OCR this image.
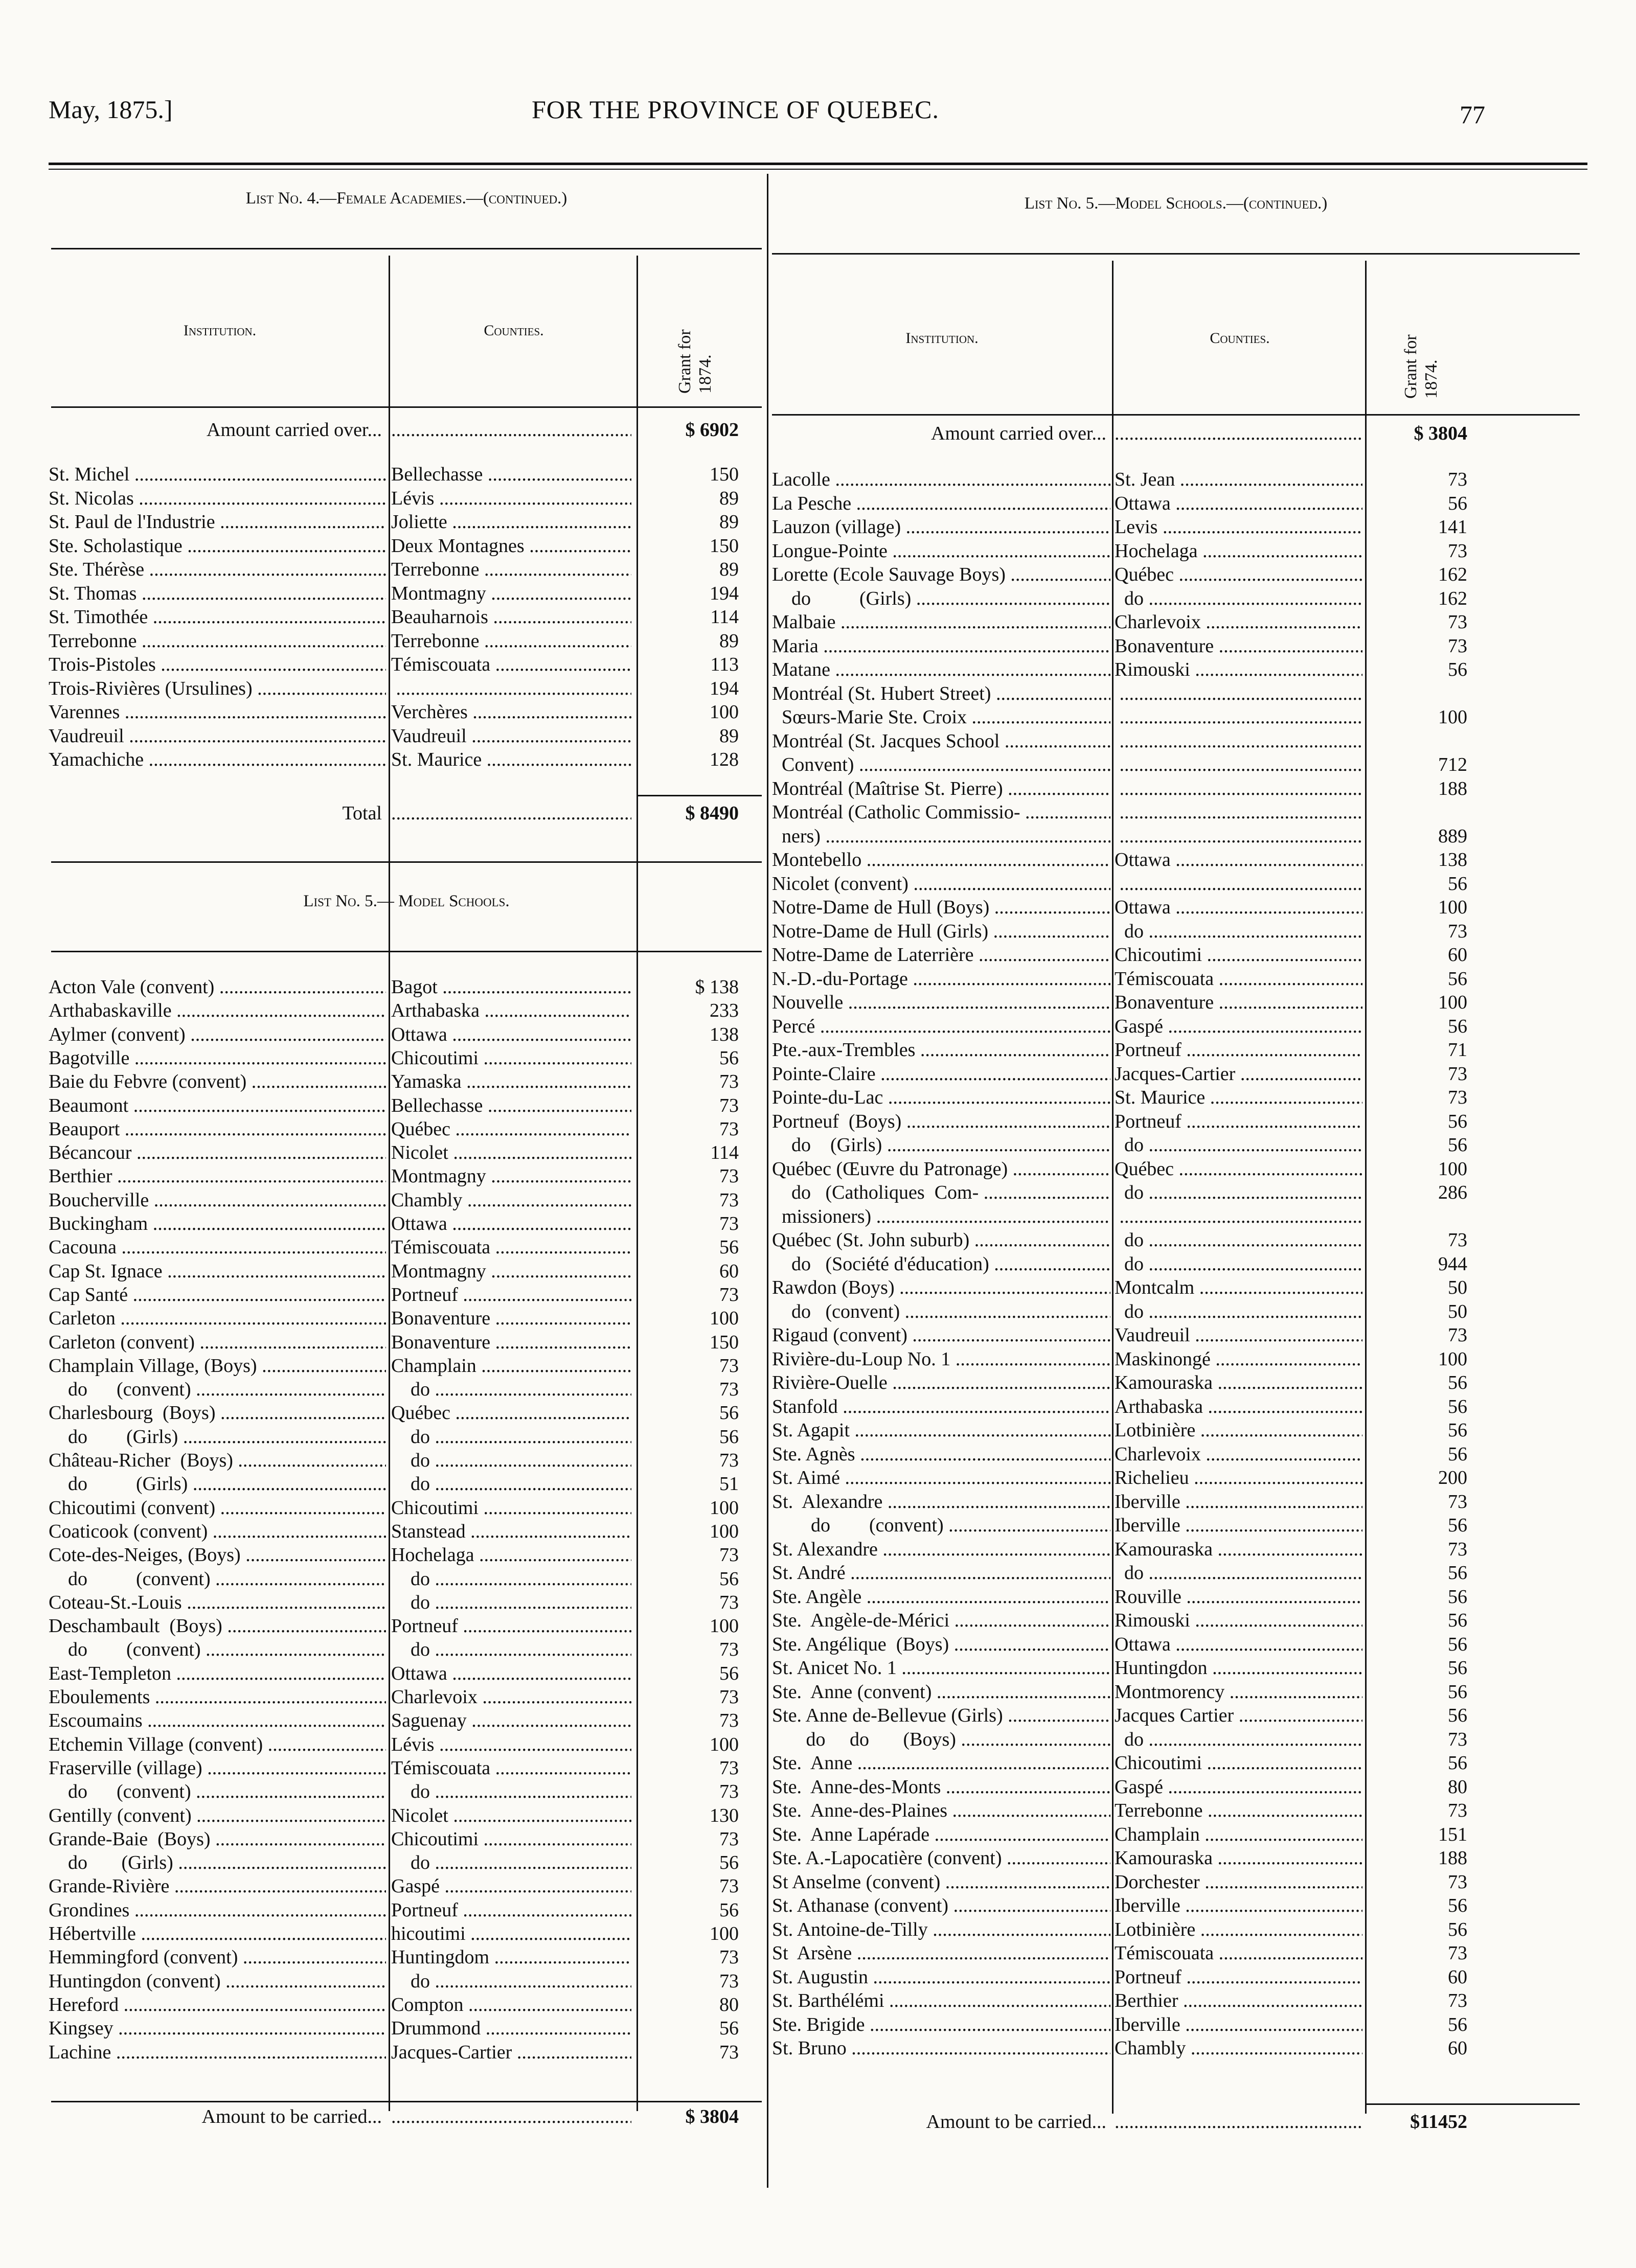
May, 1875.]	FOR THE PROVINCE OF QUEBEC.	77
List No. 4.—Female Academies.—(continued.)
Institution.	Counties.
Grant for
1874.
Amount carried over... .....	$ 6902
St. Michel .....	Bellechasse .....	150
St. Nicolas .....	Lévis .....	89
St. Paul de l'Industrie .....	Joliette .....	89
Ste. Scholastique .....	Deux Montagnes .....	150
Ste. Thérèse .....	Terrebonne .....	89
St. Thomas .....	Montmagny .....	194
St. Timothée .....	Beauharnois .....	114
Terrebonne .....	Terrebonne .....	89
Trois-Pistoles .....	Témiscouata .....	113
Trois-Rivières (Ursulines) ..... .....	194
Varennes .....	Verchères .....	100
Vaudreuil .....	Vaudreuil .....	89
Yamachiche .....	St. Maurice .....	128
Total .....	$ 8490
Acton Vale (convent) .....	Bagot .....	$ 138
Arthabaskaville .....	Arthabaska .....	233
Aylmer (convent) .....	Ottawa .....	138
Bagotville .....	Chicoutimi .....	56
Baie du Febvre (convent) .....	Yamaska .....	73
Beaumont .....	Bellechasse .....	73
Beauport .....	Québec .....	73
Bécancour .....	Nicolet .....	114
Berthier .....	Montmagny .....	73
Boucherville .....	Chambly .....	73
Buckingham .....	Ottawa .....	73
Cacouna .....	Témiscouata .....	56
Cap St. Ignace .....	Montmagny .....	60
Cap Santé .....	Portneuf .....	73
Carleton .....	Bonaventure .....	100
Carleton (convent) .....	Bonaventure .....	150
Champlain Village, (Boys) .....	Champlain .....	73
do      (convent) .....	do .....	73
Charlesbourg  (Boys) .....	Québec .....	56
do        (Girls) .....	do .....	56
Château-Richer  (Boys) .....	do .....	73
do          (Girls) .....	do .....	51
Chicoutimi (convent) .....	Chicoutimi .....	100
Coaticook (convent) .....	Stanstead .....	100
Cote-des-Neiges, (Boys) .....	Hochelaga .....	73
do          (convent) .....	do .....	56
Coteau-St.-Louis .....	do .....	73
Deschambault  (Boys) .....	Portneuf .....	100
do        (convent) .....	do .....	73
East-Templeton .....	Ottawa .....	56
Eboulements .....	Charlevoix .....	73
Escoumains .....	Saguenay .....	73
Etchemin Village (convent) .....	Lévis .....	100
Fraserville (village) .....	Témiscouata .....	73
do      (convent) .....	do .....	73
Gentilly (convent) .....	Nicolet .....	130
Grande-Baie  (Boys) .....	Chicoutimi .....	73
do       (Girls) .....	do .....	56
Grande-Rivière .....	Gaspé .....	73
Grondines .....	Portneuf .....	56
Hébertville .....	hicoutimi .....	100
Hemmingford (convent) .....	Huntingdom .....	73
Huntingdon (convent) .....	do .....	73
Hereford .....	Compton .....	80
Kingsey .....	Drummond .....	56
Lachine .....	Jacques-Cartier .....	73
Amount to be carried... .....	$ 3804
List No. 5.— Model Schools.
List No. 5.—Model Schools.—(continued.)
Institution.	Counties.
Grant for
1874.
Amount carried over... .....	$ 3804
Lacolle .....	St. Jean .....	73
La Pesche .....	Ottawa .....	56
Lauzon (village) .....	Levis .....	141
Longue-Pointe .....	Hochelaga .....	73
Lorette (Ecole Sauvage Boys) .....	Québec .....	162
do          (Girls) .....	do .....	162
Malbaie .....	Charlevoix .....	73
Maria .....	Bonaventure .....	73
Matane .....	Rimouski .....	56
Montréal (St. Hubert Street) .....
.....
Sœurs-Marie Ste. Croix ..... .....	100
Montréal (St. Jacques School .....
.....
Convent) ..... .....	712
Montréal (Maîtrise St. Pierre) ..... .....	188
Montréal (Catholic Commissio- .....
.....
ners) ..... .....	889
Montebello .....	Ottawa .....	138
Nicolet (convent) ..... .....	56
Notre-Dame de Hull (Boys) .....	Ottawa .....	100
Notre-Dame de Hull (Girls) .....	do .....	73
Notre-Dame de Laterrière .....	Chicoutimi .....	60
N.-D.-du-Portage .....	Témiscouata .....	56
Nouvelle .....	Bonaventure .....	100
Percé .....	Gaspé .....	56
Pte.-aux-Trembles .....	Portneuf .....	71
Pointe-Claire .....	Jacques-Cartier .....	73
Pointe-du-Lac .....	St. Maurice .....	73
Portneuf  (Boys) .....	Portneuf .....	56
do    (Girls) .....	do .....	56
Québec (Œuvre du Patronage) .....	Québec .....	100
do   (Catholiques  Com- .....	do .....	286
missioners) .....
.....
Québec (St. John suburb) .....	do .....	73
do   (Société d'éducation) .....	do .....	944
Rawdon (Boys) .....	Montcalm .....	50
do   (convent) .....	do .....	50
Rigaud (convent) .....	Vaudreuil .....	73
Rivière-du-Loup No. 1 .....	Maskinongé .....	100
Rivière-Ouelle .....	Kamouraska .....	56
Stanfold .....	Arthabaska .....	56
St. Agapit .....	Lotbinière .....	56
Ste. Agnès .....	Charlevoix .....	56
St. Aimé .....	Richelieu .....	200
St.  Alexandre .....	Iberville .....	73
do        (convent) .....	Iberville .....	56
St. Alexandre .....	Kamouraska .....	73
St. André .....	do .....	56
Ste. Angèle .....	Rouville .....	56
Ste.  Angèle-de-Mérici .....	Rimouski .....	56
Ste. Angélique  (Boys) .....	Ottawa .....	56
St. Anicet No. 1 .....	Huntingdon .....	56
Ste.  Anne (convent) .....	Montmorency .....	56
Ste. Anne de-Bellevue (Girls) .....	Jacques Cartier .....	56
do     do       (Boys) .....	do .....	73
Ste.  Anne .....	Chicoutimi .....	56
Ste.  Anne-des-Monts .....	Gaspé .....	80
Ste.  Anne-des-Plaines .....	Terrebonne .....	73
Ste.  Anne Lapérade .....	Champlain .....	151
Ste. A.-Lapocatière (convent) .....	Kamouraska .....	188
St Anselme (convent) .....	Dorchester .....	73
St. Athanase (convent) .....	Iberville .....	56
St. Antoine-de-Tilly .....	Lotbinière .....	56
St  Arsène .....	Témiscouata .....	73
St. Augustin .....	Portneuf .....	60
St. Barthélémi .....	Berthier .....	73
Ste. Brigide .....	Iberville .....	56
St. Bruno .....	Chambly .....	60
Amount to be carried... .....	$11452
